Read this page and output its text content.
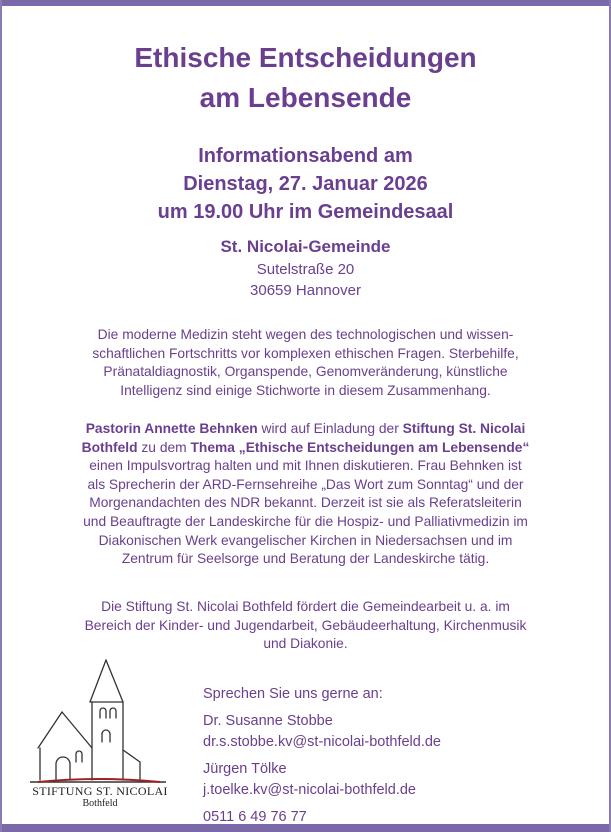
Ethische Entscheidungen
am Lebensende
Informationsabend am
Dienstag, 27. Januar 2026
um 19.00 Uhr im Gemeindesaal
St. Nicolai-Gemeinde
Sutelstraße 20
30659 Hannover
Die moderne Medizin steht wegen des technologischen und wissen-
schaftlichen Fortschritts vor komplexen ethischen Fragen. Sterbehilfe,
Pränataldiagnostik, Organspende, Genomveränderung, künstliche
Intelligenz sind einige Stichworte in diesem Zusammenhang.
Pastorin Annette Behnken wird auf Einladung der Stiftung St. Nicolai
Bothfeld zu dem Thema „Ethische Entscheidungen am Lebensende“
einen Impulsvortrag halten und mit Ihnen diskutieren. Frau Behnken ist
als Sprecherin der ARD-Fernsehreihe „Das Wort zum Sonntag“ und der
Morgenandachten des NDR bekannt. Derzeit ist sie als Referatsleiterin
und Beauftragte der Landeskirche für die Hospiz- und Palliativmedizin im
Diakonischen Werk evangelischer Kirchen in Niedersachsen und im
Zentrum für Seelsorge und Beratung der Landeskirche tätig.
Die Stiftung St. Nicolai Bothfeld fördert die Gemeindearbeit u. a. im
Bereich der Kinder- und Jugendarbeit, Gebäudeerhaltung, Kirchenmusik
und Diakonie.
STIFTUNG ST. NICOLAI
Bothfeld
Sprechen Sie uns gerne an:
Dr. Susanne Stobbe
dr.s.stobbe.kv@st-nicolai-bothfeld.de
Jürgen Tölke
j.toelke.kv@st-nicolai-bothfeld.de
0511 6 49 76 77
